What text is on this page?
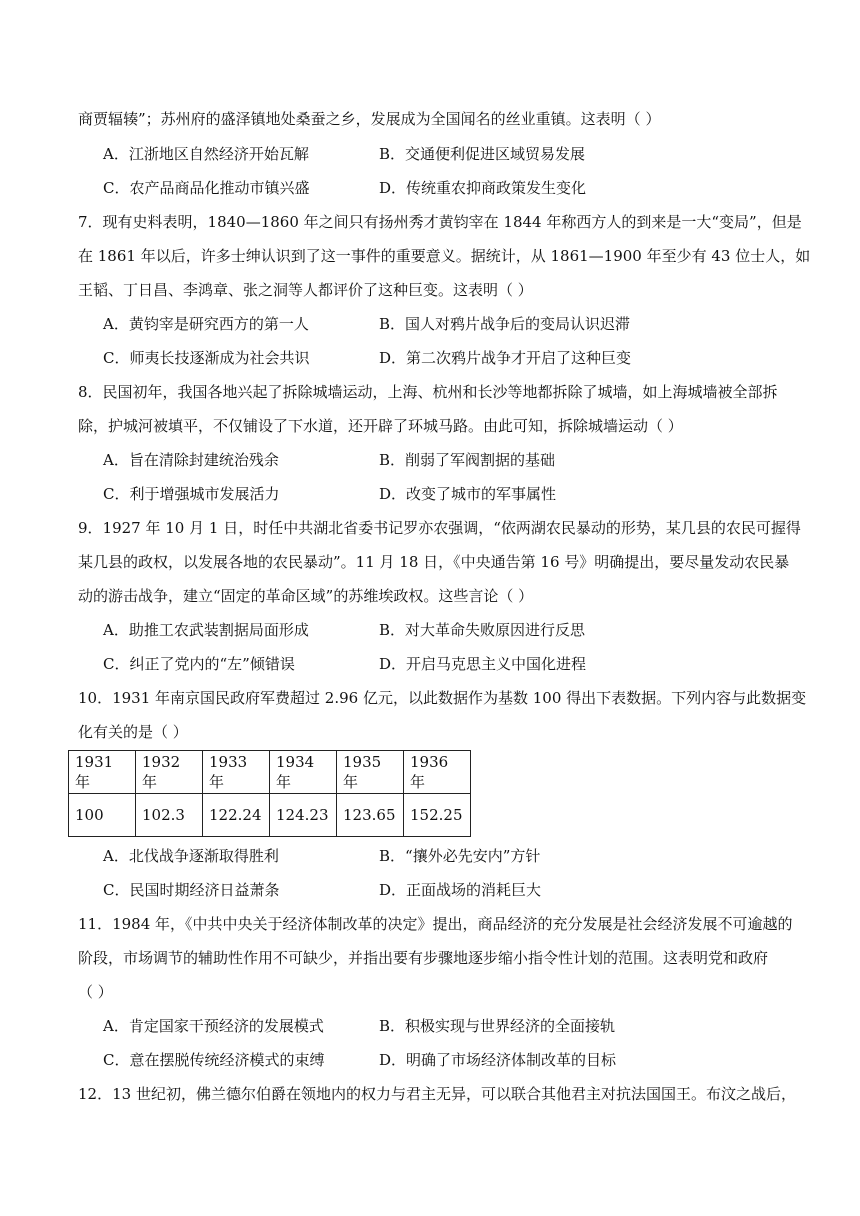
商贾辐辏”；苏州府的盛泽镇地处桑蚕之乡，发展成为全国闻名的丝业重镇。这表明（ ）
A．江浙地区自然经济开始瓦解	B．交通便利促进区域贸易发展
C．农产品商品化推动市镇兴盛	D．传统重农抑商政策发生变化
7．现有史料表明，1840—1860 年之间只有扬州秀才黄钧宰在 1844 年称西方人的到来是一大“变局”，但是
在 1861 年以后，许多士绅认识到了这一事件的重要意义。据统计，从 1861—1900 年至少有 43 位士人，如
王韬、丁日昌、李鸿章、张之洞等人都评价了这种巨变。这表明（ ）
A．黄钧宰是研究西方的第一人	B．国人对鸦片战争后的变局认识迟滞
C．师夷长技逐渐成为社会共识	D．第二次鸦片战争才开启了这种巨变
8．民国初年，我国各地兴起了拆除城墙运动，上海、杭州和长沙等地都拆除了城墙，如上海城墙被全部拆
除，护城河被填平，不仅铺设了下水道，还开辟了环城马路。由此可知，拆除城墙运动（ ）
A．旨在清除封建统治残余	B．削弱了军阀割据的基础
C．利于增强城市发展活力	D．改变了城市的军事属性
9．1927 年 10 月 1 日，时任中共湖北省委书记罗亦农强调，“依两湖农民暴动的形势，某几县的农民可握得
某几县的政权，以发展各地的农民暴动”。11 月 18 日，《中央通告第 16 号》明确提出，要尽量发动农民暴
动的游击战争，建立“固定的革命区域”的苏维埃政权。这些言论（ ）
A．助推工农武装割据局面形成	B．对大革命失败原因进行反思
C．纠正了党内的“左”倾错误	D．开启马克思主义中国化进程
10．1931 年南京国民政府军费超过 2.96 亿元，以此数据作为基数 100 得出下表数据。下列内容与此数据变
化有关的是（ ）
1931 年	1932 年	1933 年	1934 年	1935 年	1936 年
100	102.3	122.24	124.23	123.65	152.25
A．北伐战争逐渐取得胜利	B．“攘外必先安内”方针
C．民国时期经济日益萧条	D．正面战场的消耗巨大
11．1984 年，《中共中央关于经济体制改革的决定》提出，商品经济的充分发展是社会经济发展不可逾越的
阶段，市场调节的辅助性作用不可缺少，并指出要有步骤地逐步缩小指令性计划的范围。这表明党和政府
（ ）
A．肯定国家干预经济的发展模式	B．积极实现与世界经济的全面接轨
C．意在摆脱传统经济模式的束缚	D．明确了市场经济体制改革的目标
12．13 世纪初，佛兰德尔伯爵在领地内的权力与君主无异，可以联合其他君主对抗法国国王。布汶之战后，
